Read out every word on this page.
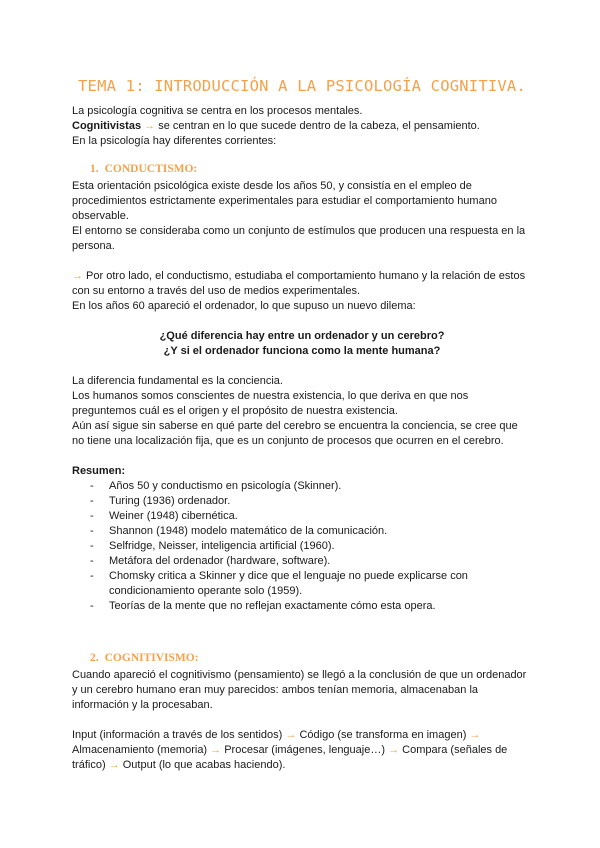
TEMA 1: INTRODUCCIÓN A LA PSICOLOGÍA COGNITIVA.

La psicología cognitiva se centra en los procesos mentales.

Cognitivistas → se centran en lo que sucede dentro de la cabeza, el pensamiento.

En la psicología hay diferentes corrientes:

1. CONDUCTISMO:

Esta orientación psicológica existe desde los años 50, y consistía en el empleo de procedimientos estrictamente experimentales para estudiar el comportamiento humano observable.

El entorno se consideraba como un conjunto de estímulos que producen una respuesta en la persona.

→ Por otro lado, el conductismo, estudiaba el comportamiento humano y la relación de estos con su entorno a través del uso de medios experimentales.

En los años 60 apareció el ordenador, lo que supuso un nuevo dilema:

¿Qué diferencia hay entre un ordenador y un cerebro?

¿Y si el ordenador funciona como la mente humana?

La diferencia fundamental es la conciencia.

Los humanos somos conscientes de nuestra existencia, lo que deriva en que nos preguntemos cuál es el origen y el propósito de nuestra existencia.

Aún así sigue sin saberse en qué parte del cerebro se encuentra la conciencia, se cree que no tiene una localización fija, que es un conjunto de procesos que ocurren en el cerebro.

Resumen:

- Años 50 y conductismo en psicología (Skinner).
- Turing (1936) ordenador.
- Weiner (1948) cibernética.
- Shannon (1948) modelo matemático de la comunicación.
- Selfridge, Neisser, inteligencia artificial (1960).
- Metáfora del ordenador (hardware, software).
- Chomsky critica a Skinner y dice que el lenguaje no puede explicarse con condicionamiento operante solo (1959).
- Teorías de la mente que no reflejan exactamente cómo esta opera.
2. COGNITIVISMO:

Cuando apareció el cognitivismo (pensamiento) se llegó a la conclusión de que un ordenador y un cerebro humano eran muy parecidos: ambos tenían memoria, almacenaban la información y la procesaban.

Input (información a través de los sentidos) → Código (se transforma en imagen) → Almacenamiento (memoria) → Procesar (imágenes, lenguaje…) → Compara (señales de tráfico) → Output (lo que acabas haciendo).
